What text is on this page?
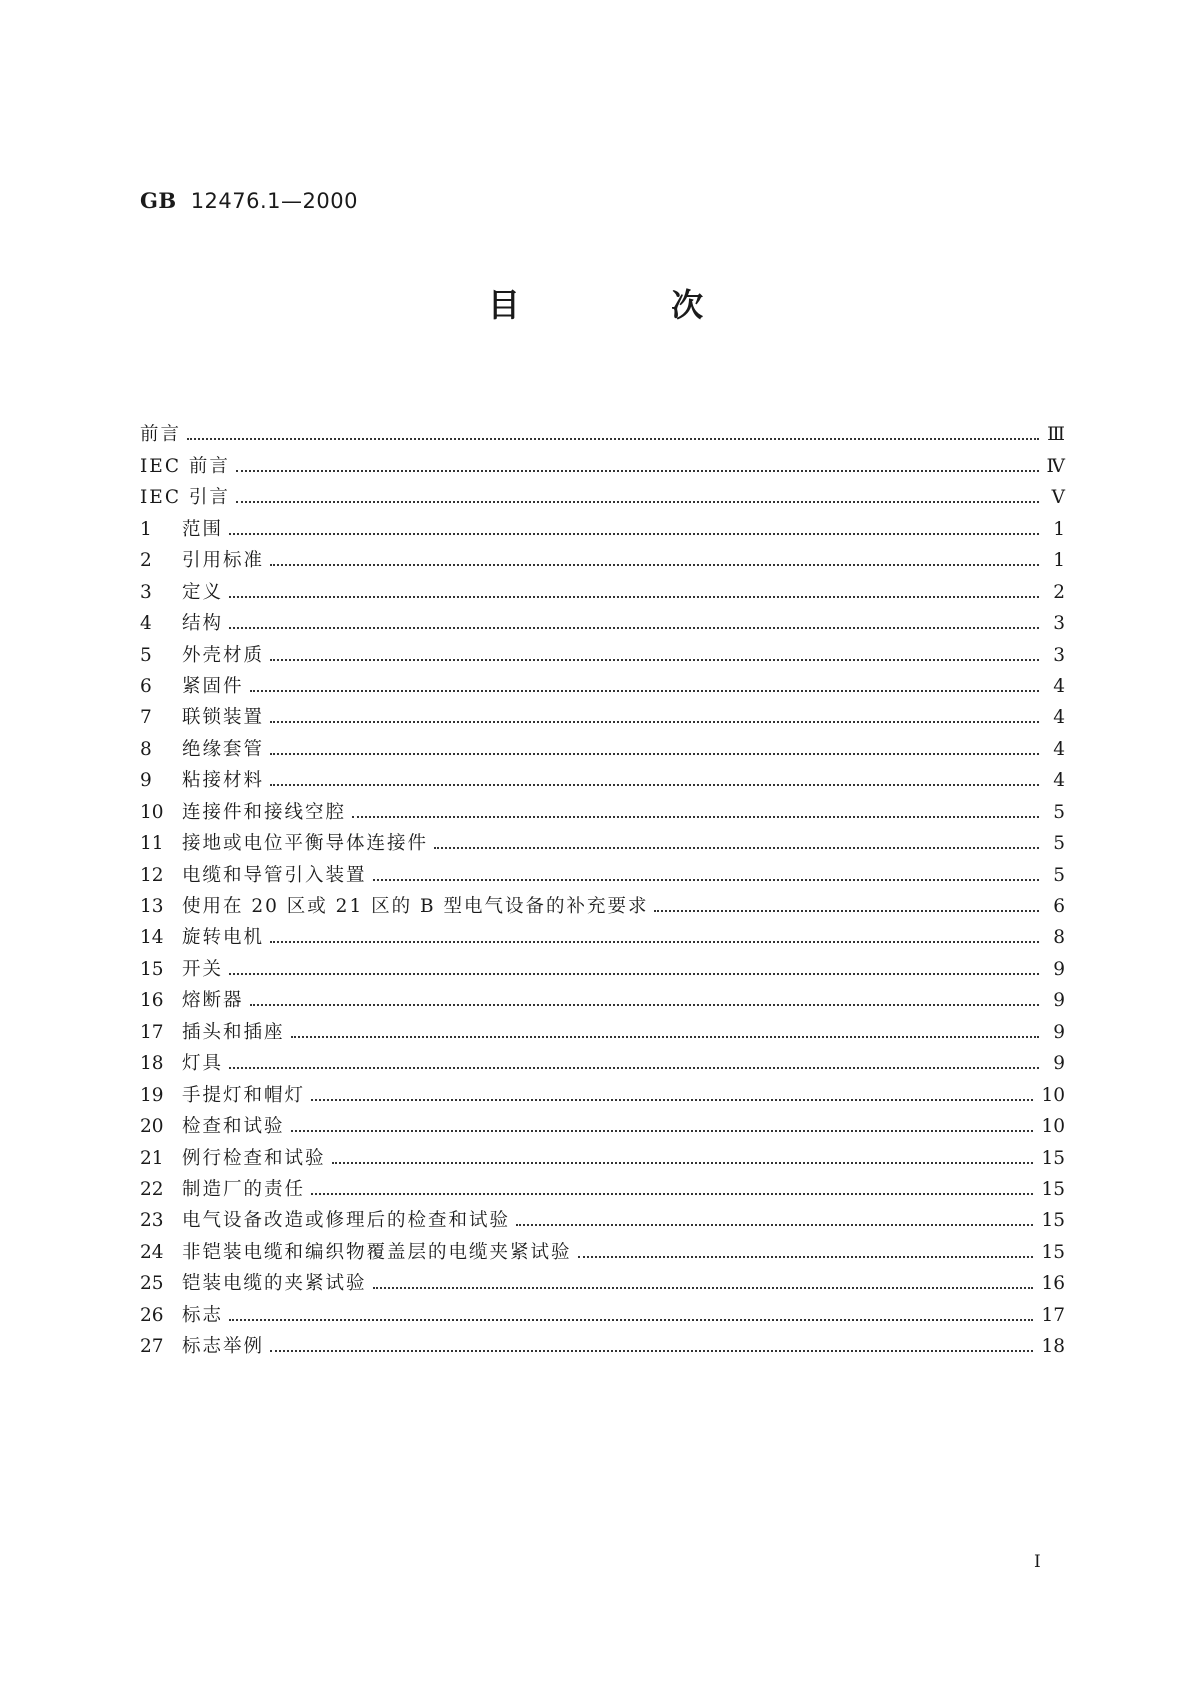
GB 12476.1—2000
目 次
前言	Ⅲ
IEC 前言	Ⅳ
IEC 引言	Ⅴ
1	范围	1
2	引用标准	1
3	定义	2
4	结构	3
5	外壳材质	3
6	紧固件	4
7	联锁装置	4
8	绝缘套管	4
9	粘接材料	4
10 连接件和接线空腔	5
11 接地或电位平衡导体连接件	5
12 电缆和导管引入装置	5
13 使用在 20 区或 21 区的 B 型电气设备的补充要求	6
14 旋转电机	8
15 开关	9
16 熔断器	9
17 插头和插座	9
18 灯具	9
19 手提灯和帽灯	10
20 检查和试验	10
21 例行检查和试验	15
22 制造厂的责任	15
23 电气设备改造或修理后的检查和试验	15
24 非铠装电缆和编织物覆盖层的电缆夹紧试验	15
25 铠装电缆的夹紧试验	16
26 标志	17
27 标志举例	18
I
